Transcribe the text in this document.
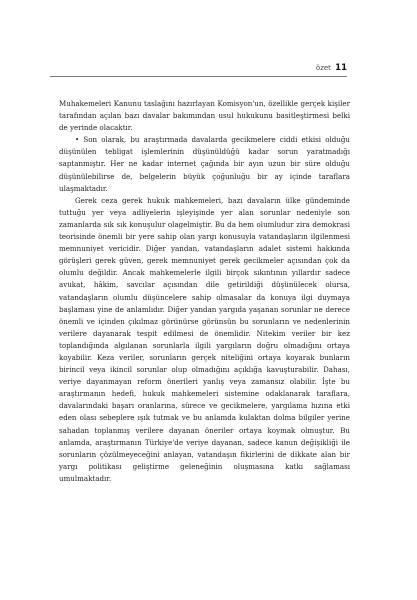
özet 11

Muhakemeleri Kanunu taslağını hazırlayan Komisyon'un, özellikle gerçek kişiler tarafından açılan bazı davalar bakımından usul hukukunu basitleştirmesi belki de yerinde olacaktır.

• Son olarak, bu araştırmada davalarda gecikmelere ciddi etkisi olduğu düşünülen tebligat işlemlerinin düşünüldüğü kadar sorun yaratmadığı saptanmıştır. Her ne kadar internet çağında bir ayın uzun bir süre olduğu düşünülebilirse de, belgelerin büyük çoğunluğu bir ay içinde taraflara ulaşmaktadır.

Gerek ceza gerek hukuk mahkemeleri, bazı davaların ülke gündeminde tuttuğu yer veya adliyelerin işleyişinde yer alan sorunlar nedeniyle son zamanlarda sık sık konuşulur olagelmiştir. Bu da hem olumludur zira demokrasi teorisinde önemli bir yere sahip olan yargı konusuyla vatandaşların ilgilenmesi memnuniyet vericidir. Diğer yandan, vatandaşların adalet sistemi hakkında görüşleri gerek güven, gerek memnuniyet gerek gecikmeler açısından çok da olumlu değildir. Ancak mahkemelerle ilgili birçok sıkıntının yıllardır sadece avukat, hâkim, savcılar açısından dile getirildiği düşünülecek olursa, vatandaşların olumlu düşüncelere sahip olmasalar da konuya ilgi duymaya başlaması yine de anlamlıdır. Diğer yandan yargıda yaşanan sorunlar ne derece önemli ve içinden çıkılmaz görünürse görünsün bu sorunların ve nedenlerinin verilere dayanarak tespit edilmesi de önemlidir. Nitekim veriler bir kez toplandığında algılanan sorunlarla ilgili yargıların doğru olmadığını ortaya koyabilir. Keza veriler, sorunların gerçek niteliğini ortaya koyarak bunların birincil veya ikincil sorunlar olup olmadığını açıklığa kavuşturabilir. Dahası, veriye dayanmayan reform önerileri yanlış veya zamansız olabilir. İşte bu araştırmanın hedefi, hukuk mahkemeleri sistemine odaklanarak taraflara, davalarındaki başarı oranlarına, sürece ve gecikmelere, yargılama hızına etki eden olası sebeplere ışık tutmak ve bu anlamda kulaktan dolma bilgiler yerine sahadan toplanmış verilere dayanan öneriler ortaya koymak olmuştur. Bu anlamda, araştırmanın Türkiye'de veriye dayanan, sadece kanun değişikliği ile sorunların çözülmeyeceğini anlayan, vatandaşın fikirlerini de dikkate alan bir yargı politikası geliştirme geleneğinin oluşmasına katkı sağlaması umulmaktadır.
